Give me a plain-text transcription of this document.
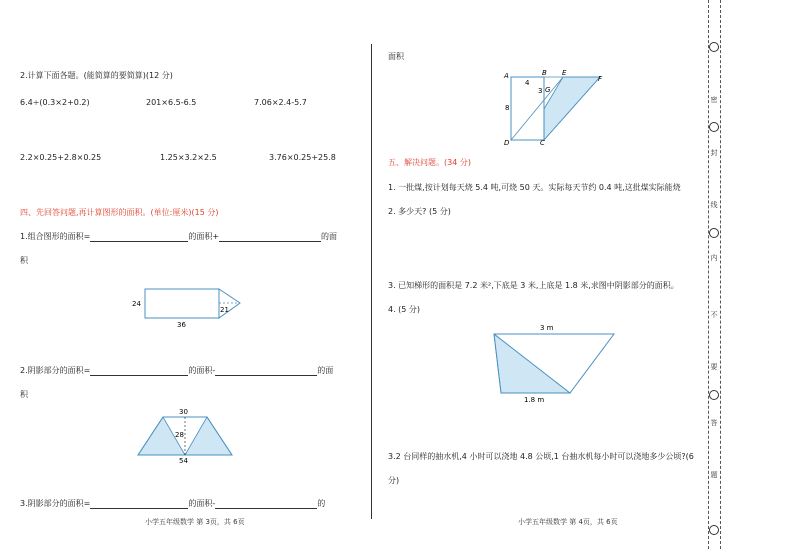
2.计算下面各题。(能简算的要简算)(12 分)
6.4÷(0.3×2+0.2)	201×6.5-6.5	7.06×2.4-5.7
2.2×0.25+2.8×0.25	1.25×3.2×2.5	3.76×0.25+25.8
四、先回答问题,再计算图形的面积。(单位:厘米)(15 分)
1.组合图形的面积=	的面积+	的面
积
24
36
21
2.阴影部分的面积=	的面积-	的面
积
30
28
54
3.阴影部分的面积=	的面积-	的
小学五年级数学 第 3页，共 6页
面积
A	B E
F
D	C
G
4
3
8
五、解决问题。(34 分)
1. 一批煤,按计划每天烧 5.4 吨,可烧 50 天。实际每天节约 0.4 吨,这批煤实际能烧
2. 多少天? (5 分)
3. 已知梯形的面积是 7.2 米²,下底是 3 米,上底是 1.8 米,求图中阴影部分的面积。
4. (5 分)
3 m
1.8 m
3.2 台同样的抽水机,4 小时可以浇地 4.8 公顷,1 台抽水机每小时可以浇地多少公顷?(6
分)
小学五年级数学 第 4页，共 6页
密
封
线
内
不
要
答
题
